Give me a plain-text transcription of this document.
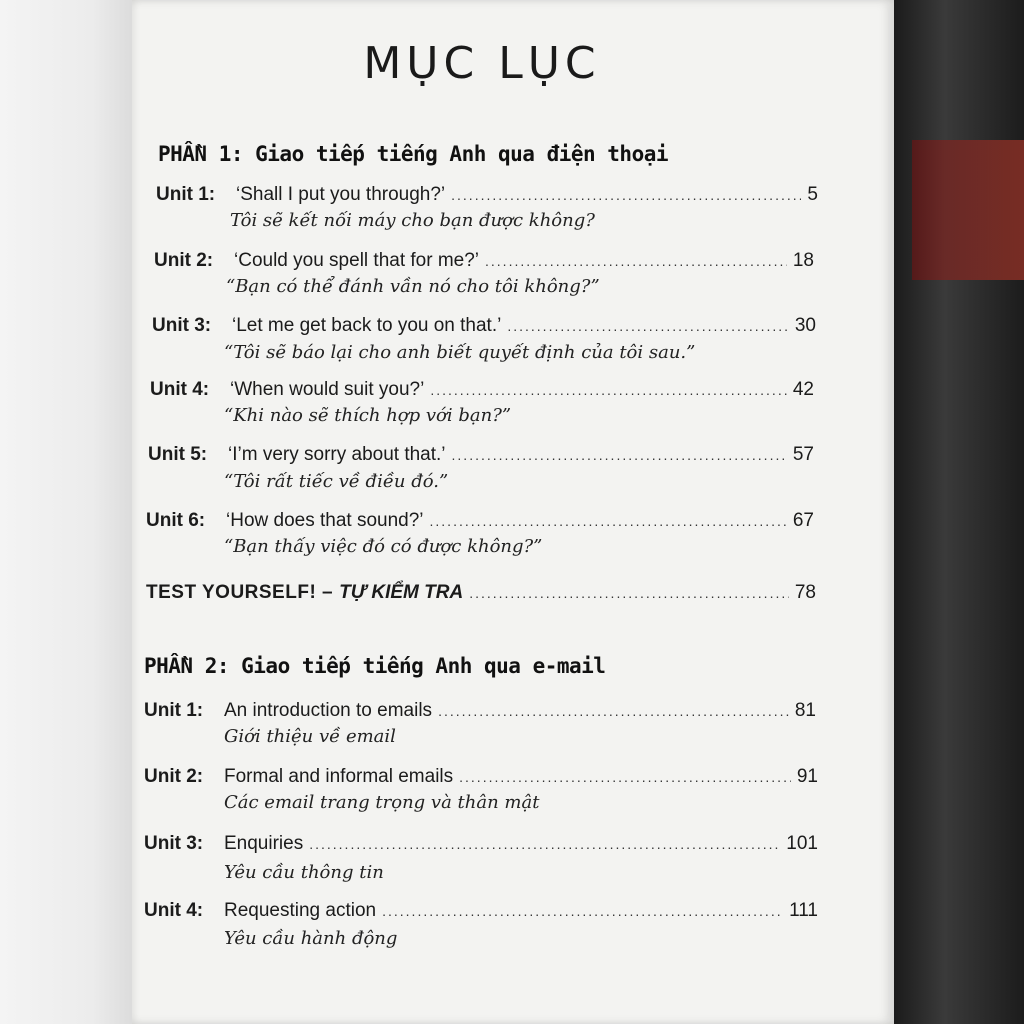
MỤC LỤC
PHẦN 1: Giao tiếp tiếng Anh qua điện thoại
Unit 1:	‘Shall I put you through?’ .....	5
Tôi sẽ kết nối máy cho bạn được không?
Unit 2:	‘Could you spell that for me?’ .....	18
“Bạn có thể đánh vần nó cho tôi không?”
Unit 3:	‘Let me get back to you on that.’ .....	30
“Tôi sẽ báo lại cho anh biết quyết định của tôi sau.”
Unit 4:	‘When would suit you?’ .....	42
“Khi nào sẽ thích hợp với bạn?”
Unit 5:	‘I’m very sorry about that.’ .....	57
“Tôi rất tiếc về điều đó.”
Unit 6:	‘How does that sound?’ .....	67
“Bạn thấy việc đó có được không?”
TEST YOURSELF! – TỰ KIỂM TRA .....	78
PHẦN 2: Giao tiếp tiếng Anh qua e-mail
Unit 1:	An introduction to emails .....	81
Giới thiệu về email
Unit 2:	Formal and informal emails .....	91
Các email trang trọng và thân mật
Unit 3:	Enquiries .....	101
Yêu cầu thông tin
Unit 4:	Requesting action .....	111
Yêu cầu hành động
